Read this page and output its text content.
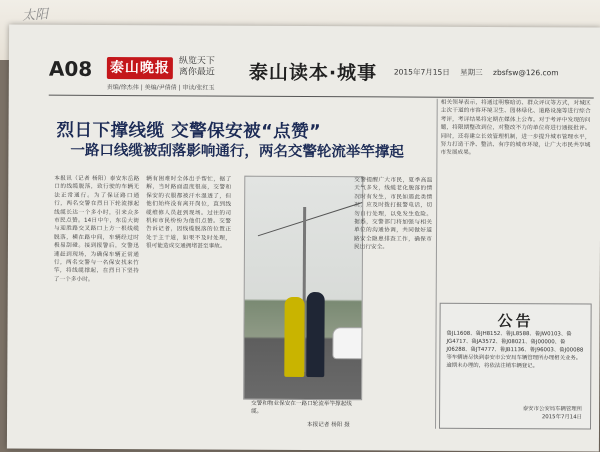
太阳
A08 泰山晚报 纵览天下
离你最近
责编/徐杰伟 | 美编/尹倩倩 | 审读/张红玉
泰山读本·城事 2015年7月15日 星期三 zbsfsw@126.com
烈日下撑线缆 交警保安被“点赞”
一路口线缆被刮落影响通行，两名交警轮流举竿撑起
本报讯（记者 杨阳）泰安东岳路口的线缆脱落，致行驶的车辆无法正常通行。为了保证路口通行，两名交警在烈日下轮流撑起线缆长达一个多小时，引来众多市民点赞。14日中午，东岳大街与迎胜路交叉路口上方一根线缆脱落，横在路中间，车辆经过时极易刮碰。接到报警后，交警迅速赶到现场，为确保车辆正常通行，两名交警与一名保安找来竹竿，将线缆撑起，在烈日下坚持了一个多小时。
辆有困难时全体出手帮忙，据了解，当时路面温度很高，交警和保安的衣服都被汗水湿透了，但他们始终没有离开岗位，直到线缆维修人员赶到现场。过往的司机和市民纷纷为他们点赞。交警告诉记者，因线缆脱落的位置正处于主干道，如果不及时处理，很可能造成交通拥堵甚至事故。
交警和物业保安在一路口轮流举竿撑起线缆。
本报记者 杨阳 摄
交警提醒广大市民，夏季高温天气多发，线缆老化脱落的情况时有发生，市民如遇此类情况，应及时拨打报警电话，切勿自行处理，以免发生危险。据悉，交警部门将加强与相关单位的沟通协调，共同做好道路安全隐患排查工作，确保市民出行安全。
相关领导表示，将通过明察暗访、群众评议等方式，对城区主次干道的市容环境卫生、园林绿化、道路设施等进行综合考评，考评结果将定期在媒体上公布。对于考评中发现的问题，将限期整改到位，对整改不力的单位将进行通报批评。同时，还将建立长效管理机制，进一步提升城市管理水平，努力打造干净、整洁、有序的城市环境，让广大市民共享城市发展成果。
公告
鲁JL1608、鲁JH8152、鲁JL8588、鲁JW0103、鲁JG4717、鲁JA3572、鲁J08021、鲁J00000、鲁J06288、鲁JT4777、鲁JB1136、鲁J96003、鲁J00088等车辆请尽快到泰安市公安局车辆管理所办理相关业务。逾期未办理的，将依法注销车辆登记。
泰安市公安局车辆管理所
2015年7月14日
